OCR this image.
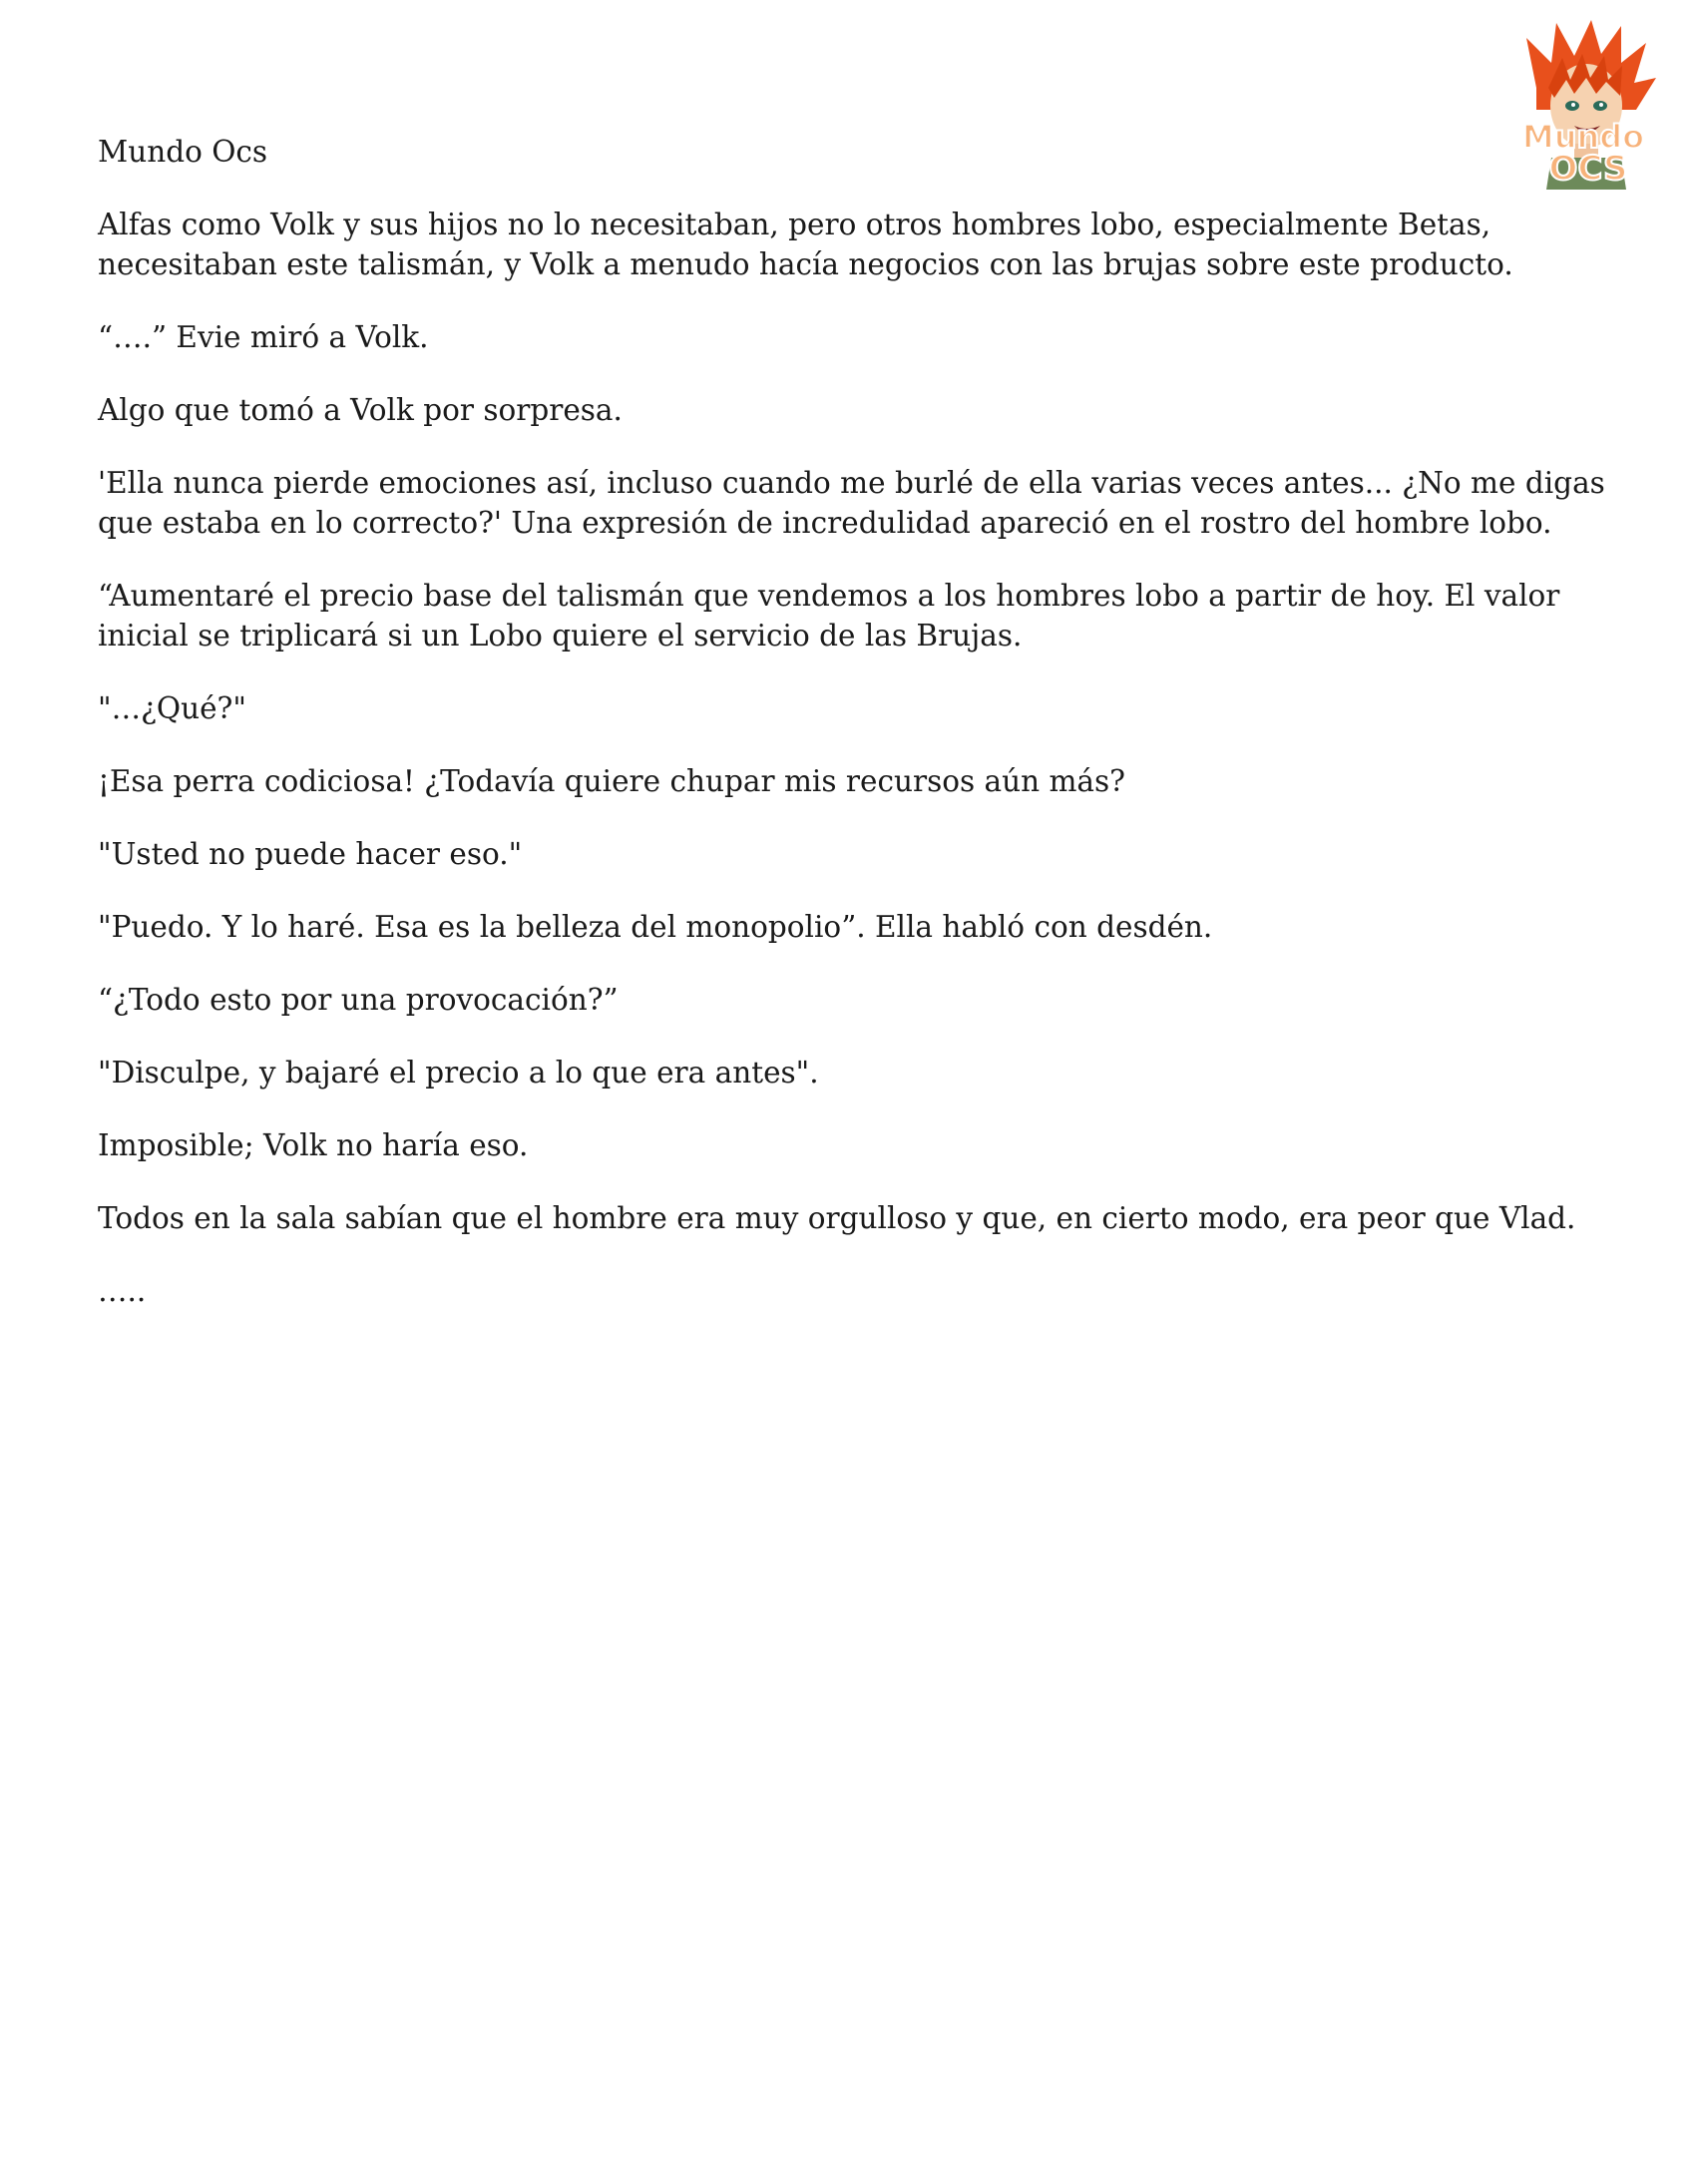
Mundo
OCS

Mundo Ocs

Alfas como Volk y sus hijos no lo necesitaban, pero otros hombres lobo, especialmente Betas, necesitaban este talismán, y Volk a menudo hacía negocios con las brujas sobre este producto.

“….” Evie miró a Volk.

Algo que tomó a Volk por sorpresa.

'Ella nunca pierde emociones así, incluso cuando me burlé de ella varias veces antes... ¿No me digas que estaba en lo correcto?' Una expresión de incredulidad apareció en el rostro del hombre lobo.

“Aumentaré el precio base del talismán que vendemos a los hombres lobo a partir de hoy. El valor inicial se triplicará si un Lobo quiere el servicio de las Brujas.

"…¿Qué?"

¡Esa perra codiciosa! ¿Todavía quiere chupar mis recursos aún más?

"Usted no puede hacer eso."

"Puedo. Y lo haré. Esa es la belleza del monopolio”. Ella habló con desdén.

“¿Todo esto por una provocación?”

"Disculpe, y bajaré el precio a lo que era antes".

Imposible; Volk no haría eso.

Todos en la sala sabían que el hombre era muy orgulloso y que, en cierto modo, era peor que Vlad.

…..
